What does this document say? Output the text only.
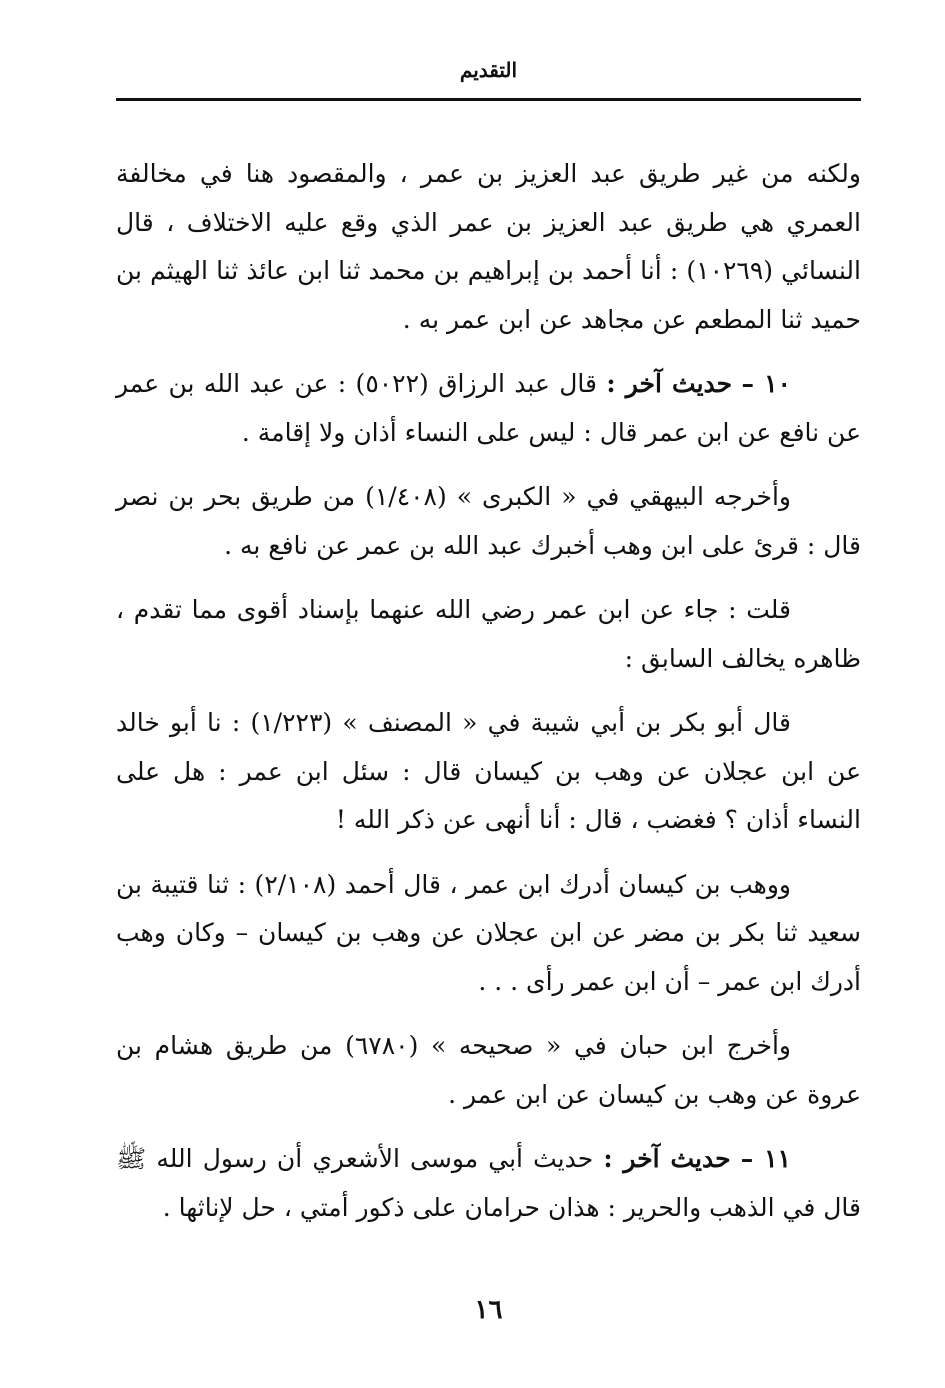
التقديم

ولكنه من غير طريق عبد العزيز بن عمر ، والمقصود هنا في مخالفة العمري هي طريق عبد العزيز بن عمر الذي وقع عليه الاختلاف ، قال النسائي (١٠٢٦٩) : أنا أحمد بن إبراهيم بن محمد ثنا ابن عائذ ثنا الهيثم بن حميد ثنا المطعم عن مجاهد عن ابن عمر به .

١٠ – حديث آخر : قال عبد الرزاق (٥٠٢٢) : عن عبد الله بن عمر عن نافع عن ابن عمر قال : ليس على النساء أذان ولا إقامة .

وأخرجه البيهقي في « الكبرى » (١/٤٠٨) من طريق بحر بن نصر قال : قرئ على ابن وهب أخبرك عبد الله بن عمر عن نافع به .

قلت : جاء عن ابن عمر رضي الله عنهما بإسناد أقوى مما تقدم ، ظاهره يخالف السابق :

قال أبو بكر بن أبي شيبة في « المصنف » (١/٢٢٣) : نا أبو خالد عن ابن عجلان عن وهب بن كيسان قال : سئل ابن عمر : هل على النساء أذان ؟ فغضب ، قال : أنا أنهى عن ذكر الله !

ووهب بن كيسان أدرك ابن عمر ، قال أحمد (٢/١٠٨) : ثنا قتيبة بن سعيد ثنا بكر بن مضر عن ابن عجلان عن وهب بن كيسان – وكان وهب أدرك ابن عمر – أن ابن عمر رأى . . .

وأخرج ابن حبان في « صحيحه » (٦٧٨٠) من طريق هشام بن عروة عن وهب بن كيسان عن ابن عمر .

١١ – حديث آخر : حديث أبي موسى الأشعري أن رسول الله ﷺ قال في الذهب والحرير : هذان حرامان على ذكور أمتي ، حل لإناثها .

١٦
